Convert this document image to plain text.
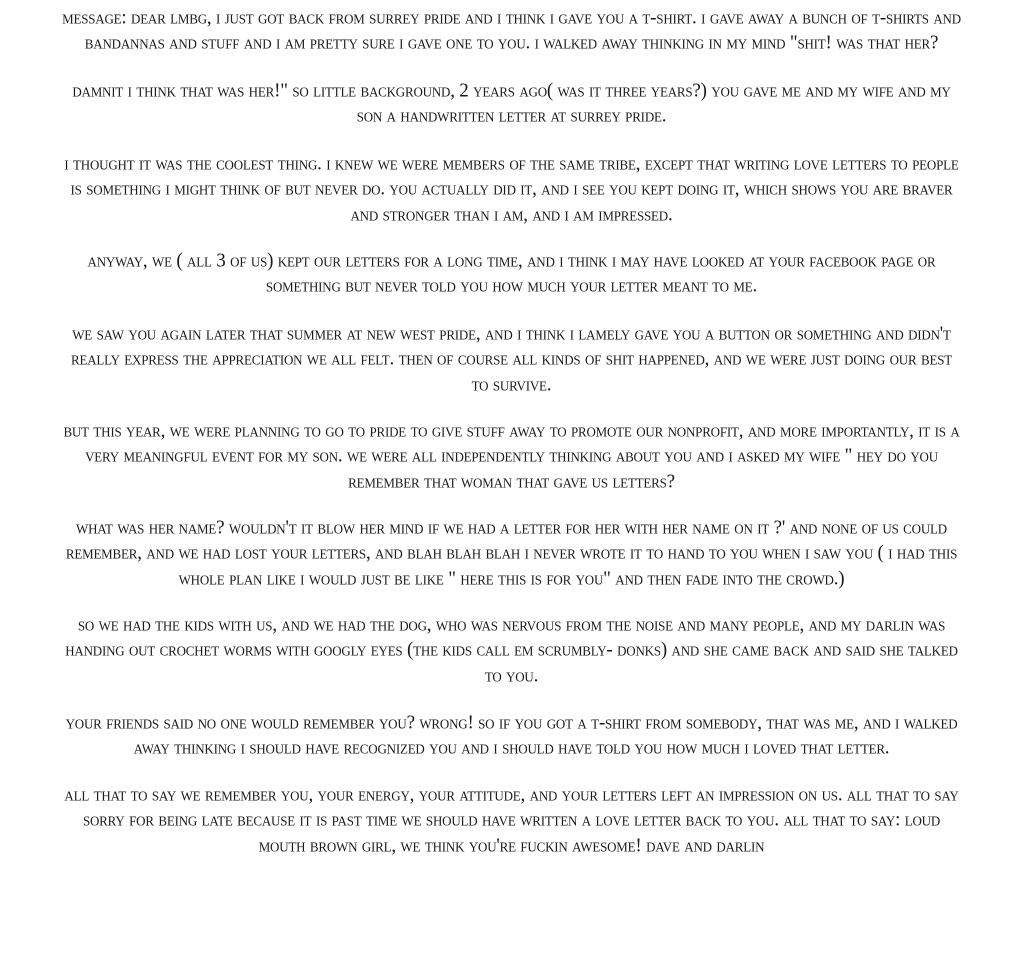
message: dear lmbg, i just got back from surrey pride and i think i gave you a t-shirt. i gave away a bunch of t-shirts and bandannas and stuff and i am pretty sure i gave one to you. i walked away thinking in my mind "shit! was that her?

damnit i think that was her!" so little background, 2 years ago( was it three years?) you gave me and my wife and my son a handwritten letter at surrey pride.

i thought it was the coolest thing. i knew we were members of the same tribe, except that writing love letters to people is something i might think of but never do. you actually did it, and i see you kept doing it, which shows you are braver and stronger than i am, and i am impressed.

anyway, we ( all 3 of us) kept our letters for a long time, and i think i may have looked at your facebook page or something but never told you how much your letter meant to me.

we saw you again later that summer at new west pride, and i think i lamely gave you a button or something and didn't really express the appreciation we all felt. then of course all kinds of shit happened, and we were just doing our best to survive.

but this year, we were planning to go to pride to give stuff away to promote our nonprofit, and more importantly, it is a very meaningful event for my son. we were all independently thinking about you and i asked my wife " hey do you remember that woman that gave us letters?

what was her name? wouldn't it blow her mind if we had a letter for her with her name on it ?' and none of us could remember, and we had lost your letters, and blah blah blah i never wrote it to hand to you when i saw you ( i had this whole plan like i would just be like " here this is for you" and then fade into the crowd.)

so we had the kids with us, and we had the dog, who was nervous from the noise and many people, and my darlin was handing out crochet worms with googly eyes (the kids call em scrumbly- donks) and she came back and said she talked to you.

your friends said no one would remember you? wrong! so if you got a t-shirt from somebody, that was me, and i walked away thinking i should have recognized you and i should have told you how much i loved that letter.

all that to say we remember you, your energy, your attitude, and your letters left an impression on us. all that to say sorry for being late because it is past time we should have written a love letter back to you. all that to say: loud mouth brown girl, we think you're fuckin awesome! dave and darlin
